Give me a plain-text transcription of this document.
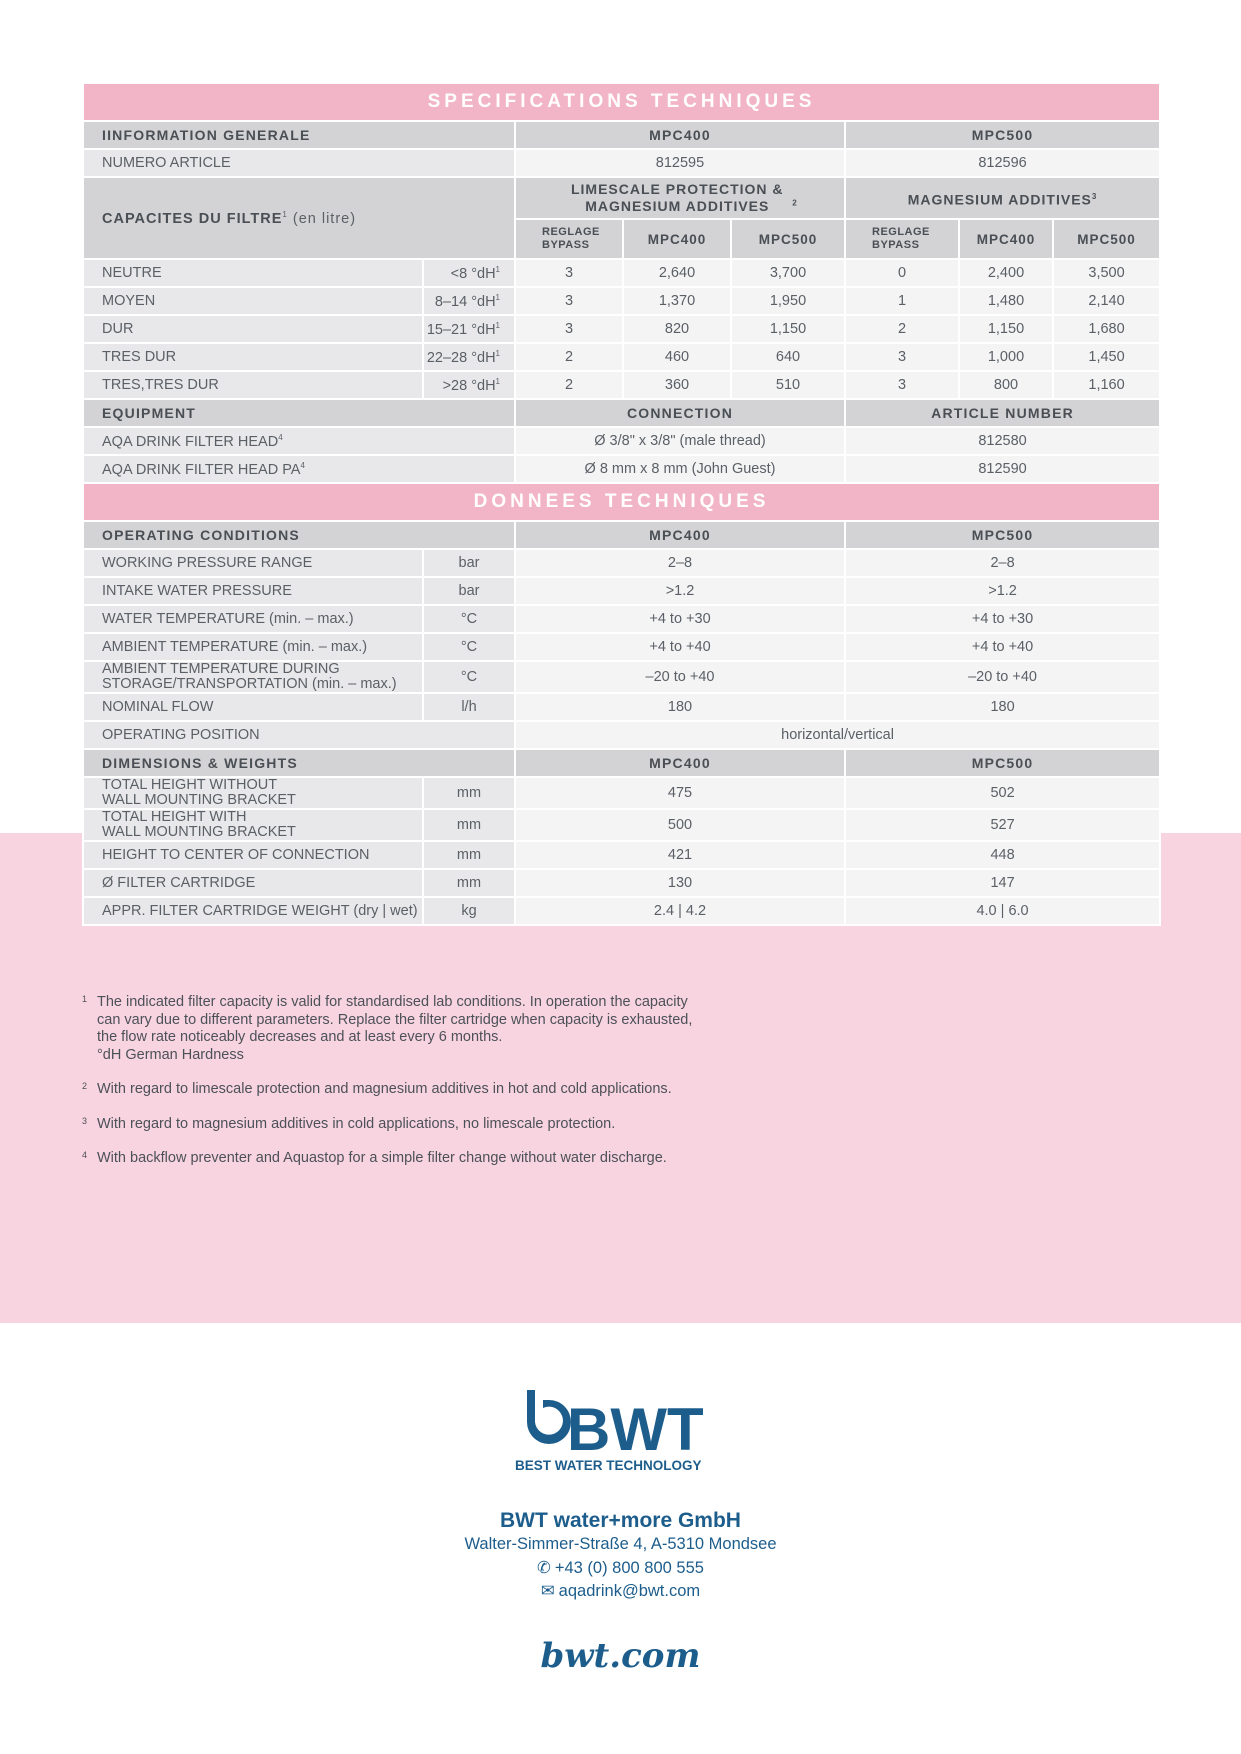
SPECIFICATIONS TECHNIQUES							
IINFORMATION GENERALE		MPC400			MPC500		
NUMERO ARTICLE		812595			812596		
CAPACITES DU FILTRE$^1$ (en litre)		LIMESCALE PROTECTION & MAGNESIUM ADDITIVES $^2$			MAGNESIUM ADDITIVES$^3$
		REGLAGE BYPASS	MPC400	MPC500	REGLAGE BYPASS	MPC400	MPC500
NEUTRE	<8 $^\circ dH^1$	3	2,640	3,700	0	2,400	3,500
MOYEN	8–14 $^\circ dH^1$	3	1,370	1,950	1	1,480	2,140
DUR	15–21 $^\circ dH^1$	3	820	1,150	2	1,150	1,680
TRES DUR	22–28 $^\circ dH^1$	2	460	640	3	1,000	1,450
TRES,TRES DUR	>28 $^\circ dH^1$	2	360	510	3	800	1,160
EQUIPMENT		CONNECTION			ARTICLE NUMBER		
AQA DRINK FILTER HEAD$^4$		Ø 3/8" x 3/8" (male thread)			812580		
AQA DRINK FILTER HEAD $PA^4$		Ø 8 mm x 8 mm (John Guest)			812590		
DONNEES TECHNIQUES							
OPERATING CONDITIONS		MPC400			MPC500		
WORKING PRESSURE RANGE	bar	2–8			2–8		
INTAKE WATER PRESSURE	bar	>1.2			>1.2		
WATER TEMPERATURE (min. – max.)	°C	+4 to +30			+4 to +30		
AMBIENT TEMPERATURE (min. – max.)	°C	+4 to +40			+4 to +40		
AMBIENT TEMPERATURE DURING
STORAGE/TRANSPORTATION (min. – max.)	°C	–20 to +40			–20 to +40		
NOMINAL FLOW	l/h	180			180		
OPERATING POSITION		horizontal/vertical					
DIMENSIONS & WEIGHTS		MPC400			MPC500		
TOTAL HEIGHT WITHOUT
WALL MOUNTING BRACKET	mm	475			502		
TOTAL HEIGHT WITH
WALL MOUNTING BRACKET	mm	500			527		
HEIGHT TO CENTER OF CONNECTION	mm	421			448		
Ø FILTER CARTRIDGE	mm	130			147		
APPR. FILTER CARTRIDGE WEIGHT (dry | wet)	kg	2.4 | 4.2			4.0 | 6.0		
1 The indicated filter capacity is valid for standardised lab conditions. In operation the capacity
can vary due to different parameters. Replace the filter cartridge when capacity is exhausted,
the flow rate noticeably decreases and at least every 6 months.
°dH German Hardness
2 With regard to limescale protection and magnesium additives in hot and cold applications.
3 With regard to magnesium additives in cold applications, no limescale protection.
4 With backflow preventer and Aquastop for a simple filter change without water discharge.
BWT
BEST WATER TECHNOLOGY
BWT water+more GmbH
Walter-Simmer-Straße 4, A-5310 Mondsee
✆ +43 (0) 800 800 555
✉ aqadrink@bwt.com
bwt.com
